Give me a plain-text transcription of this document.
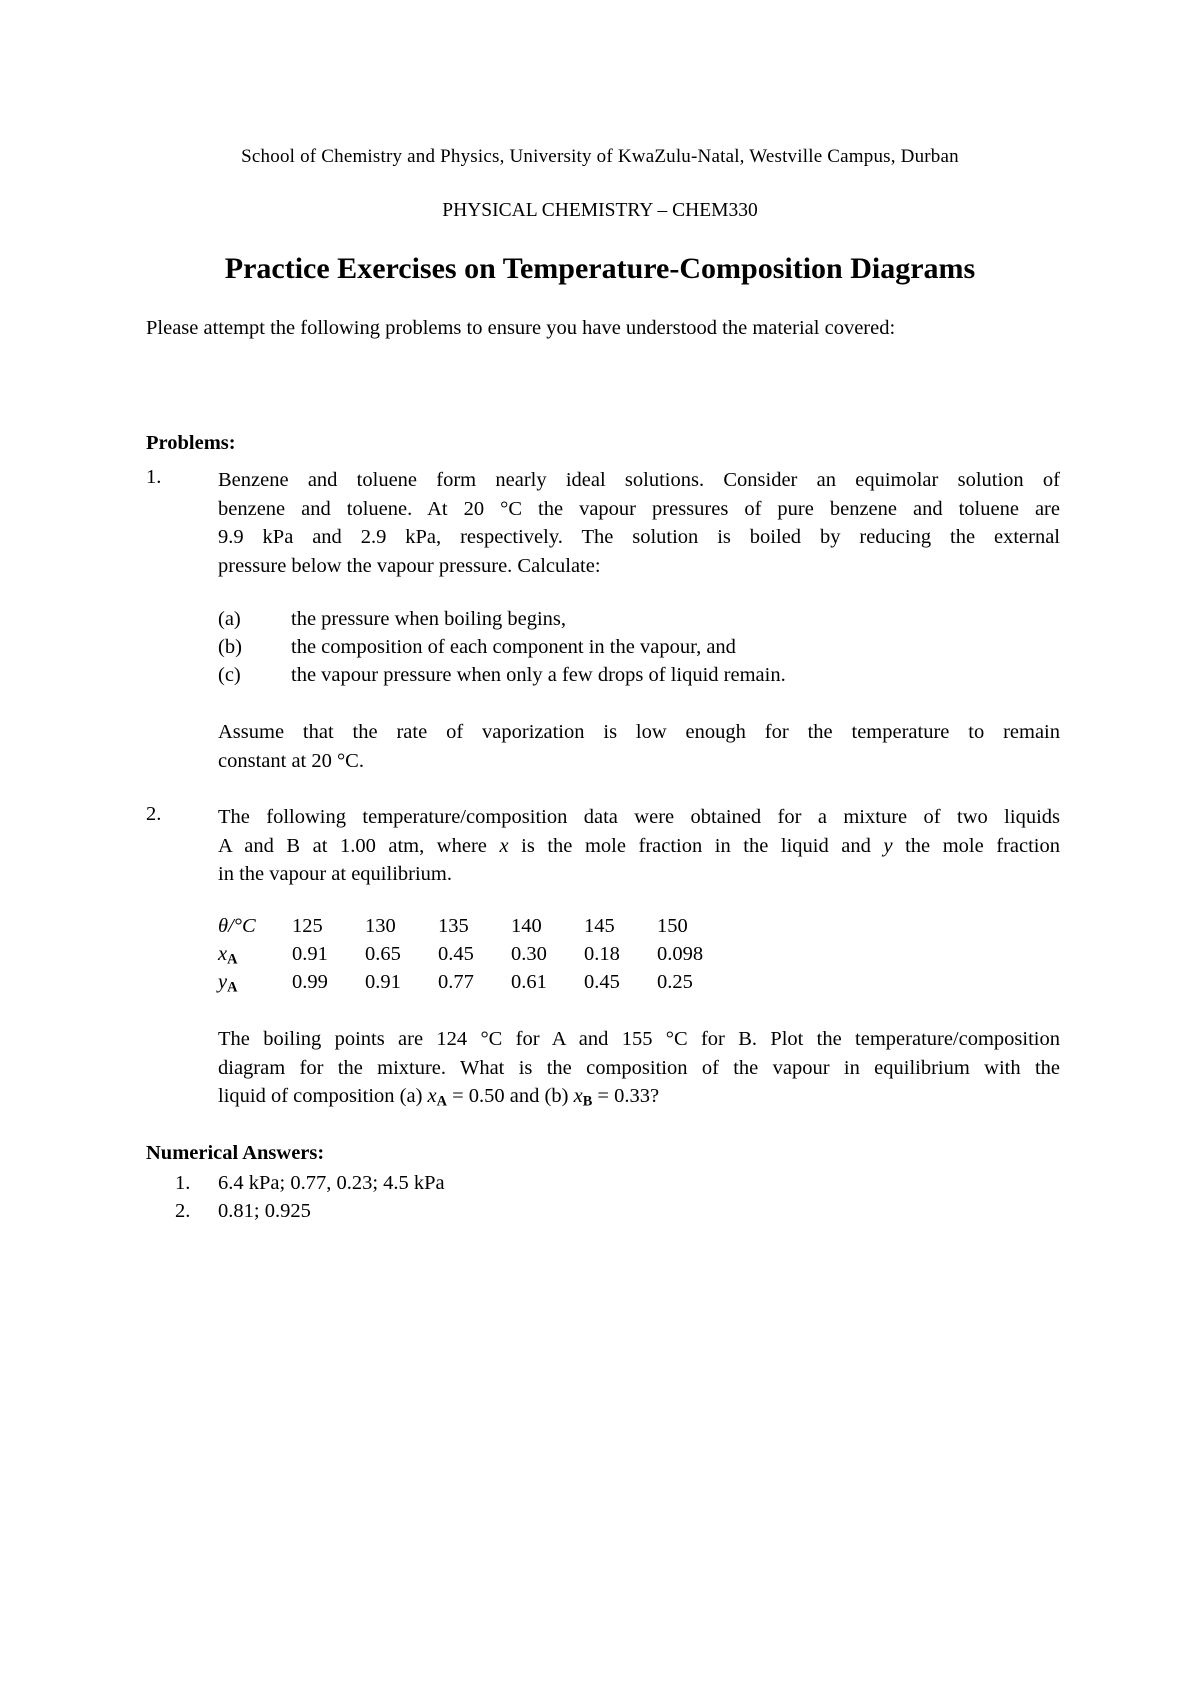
School of Chemistry and Physics, University of KwaZulu-Natal, Westville Campus, Durban
PHYSICAL CHEMISTRY – CHEM330
Practice Exercises on Temperature-Composition Diagrams
Please attempt the following problems to ensure you have understood the material covered:
Problems:
1.	Benzene and toluene form nearly ideal solutions. Consider an equimolar solution of
benzene and toluene. At 20 °C the vapour pressures of pure benzene and toluene are
9.9 kPa and 2.9 kPa, respectively. The solution is boiled by reducing the external
pressure below the vapour pressure. Calculate:
(a) the pressure when boiling begins,
(b) the composition of each component in the vapour, and
(c) the vapour pressure when only a few drops of liquid remain.
Assume that the rate of vaporization is low enough for the temperature to remain
constant at 20 °C.
2.	The following temperature/composition data were obtained for a mixture of two liquids
A and B at 1.00 atm, where x is the mole fraction in the liquid and y the mole fraction
in the vapour at equilibrium.
θ/°C	125	130	135	140	145	150
$x_A$	0.91	0.65	0.45	0.30	0.18	0.098
$y_A$	0.99	0.91	0.77	0.61	0.45	0.25
The boiling points are 124 °C for A and 155 °C for B. Plot the temperature/composition
diagram for the mixture. What is the composition of the vapour in equilibrium with the
liquid of composition (a) $x_A = 0.50$ and (b) $x_B = 0.33$?
Numerical Answers:
1. 6.4 kPa; 0.77, 0.23; 4.5 kPa
2. 0.81; 0.925
